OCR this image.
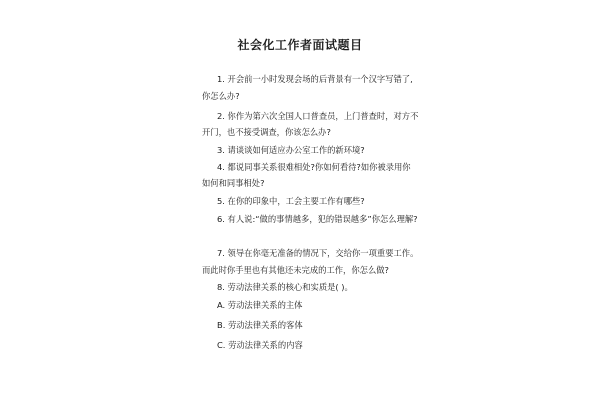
社会化工作者面试题目
1. 开会前一小时发现会场的后背景有一个汉字写错了,
你怎么办?
2. 你作为第六次全国人口普查员，上门普查时，对方不
开门，也不接受调查，你该怎么办?
3. 请谈谈如何适应办公室工作的新环境?
4. 都说同事关系很难相处?你如何看待?如你被录用你
如何和同事相处?
5. 在你的印象中，工会主要工作有哪些?
6. 有人说:“做的事情越多，犯的错误越多”你怎么理解?
7. 领导在你毫无准备的情况下，交给你一项重要工作。
而此时你手里也有其他还未完成的工作，你怎么做?
8. 劳动法律关系的核心和实质是( )。
A. 劳动法律关系的主体
B. 劳动法律关系的客体
C. 劳动法律关系的内容
